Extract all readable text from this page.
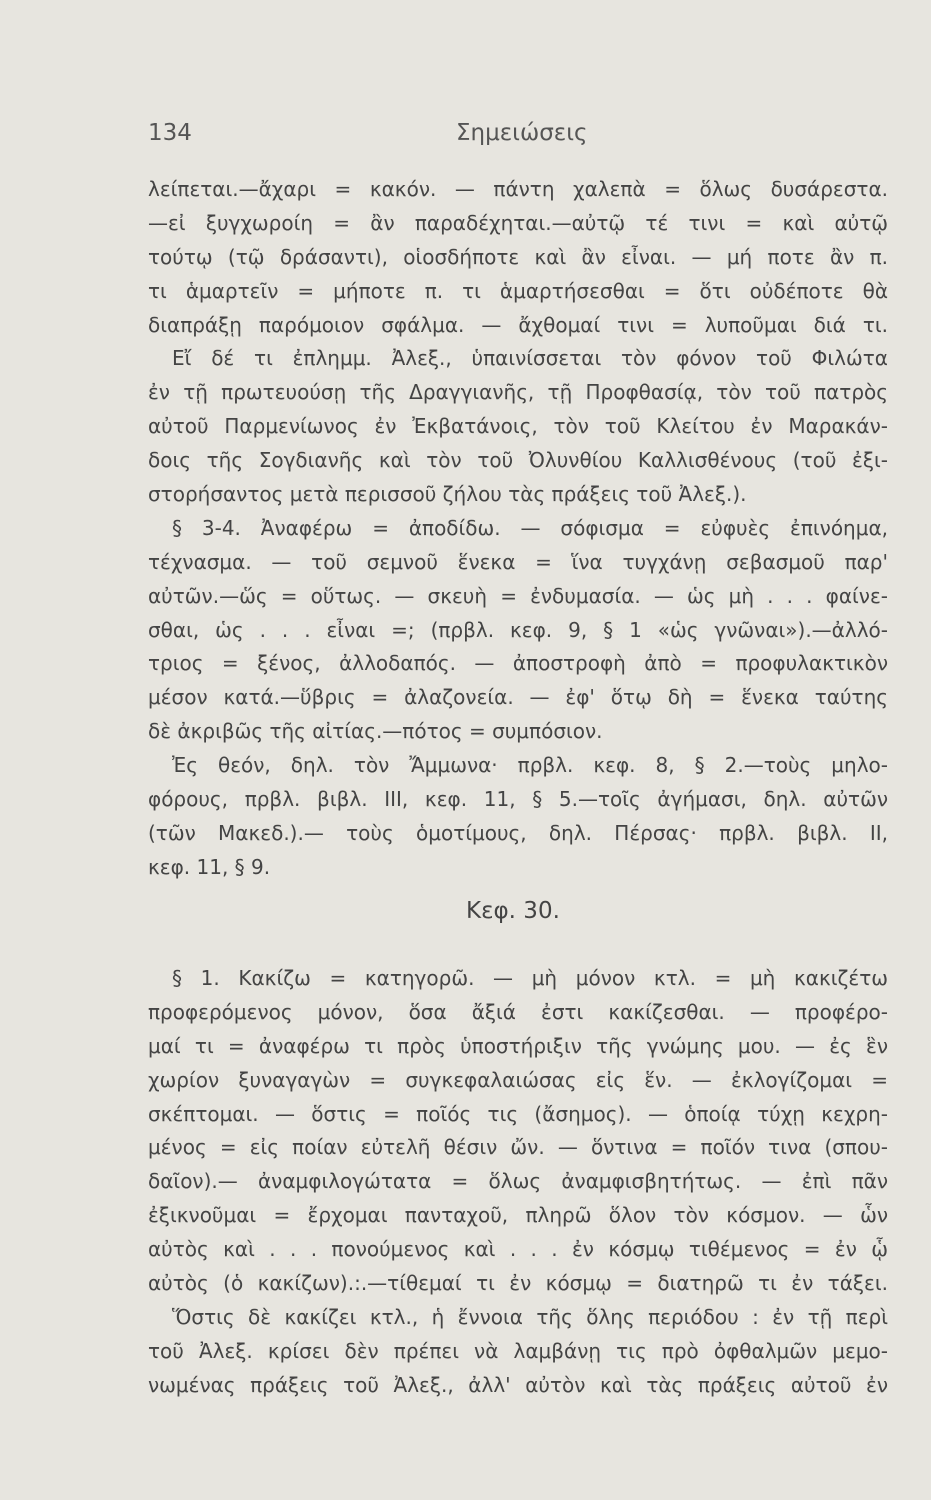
134	Σημειώσεις
λείπεται.—ἄχαρι = κακόν. — πάντη χαλεπὰ = ὅλως δυσάρεστα.
—εἰ ξυγχωροίη = ἂν παραδέχηται.—αὐτῷ τέ τινι = καὶ αὐτῷ
τούτῳ (τῷ δράσαντι), οἱοσδήποτε καὶ ἂν εἶναι. — μή ποτε ἂν π.
τι ἁμαρτεῖν = μήποτε π. τι ἁμαρτήσεσθαι = ὅτι οὐδέποτε θὰ
διαπράξῃ παρόμοιον σφάλμα. — ἄχθομαί τινι = λυποῦμαι διά τι.
Εἴ δέ τι ἐπλημμ. Ἀλεξ., ὑπαινίσσεται τὸν φόνον τοῦ Φιλώτα
ἐν τῇ πρωτευούσῃ τῆς Δραγγιανῆς, τῇ Προφθασίᾳ, τὸν τοῦ πατρὸς
αὐτοῦ Παρμενίωνος ἐν Ἐκβατάνοις, τὸν τοῦ Κλείτου ἐν Μαρακάν-
δοις τῆς Σογδιανῆς καὶ τὸν τοῦ Ὀλυνθίου Καλλισθένους (τοῦ ἐξι-
στορήσαντος μετὰ περισσοῦ ζήλου τὰς πράξεις τοῦ Ἀλεξ.).
§ 3-4. Ἀναφέρω = ἀποδίδω. — σόφισμα = εὐφυὲς ἐπινόημα,
τέχνασμα. — τοῦ σεμνοῦ ἕνεκα = ἵνα τυγχάνῃ σεβασμοῦ παρ'
αὐτῶν.—ὥς = οὕτως. — σκευὴ = ἐνδυμασία. — ὡς μὴ . . . φαίνε-
σθαι, ὡς . . . εἶναι =; (πρβλ. κεφ. 9, § 1 «ὡς γνῶναι»).—ἀλλό-
τριος = ξένος, ἀλλοδαπός. — ἀποστροφὴ ἀπὸ = προφυλακτικὸν
μέσον κατά.—ὕβρις = ἀλαζονεία. — ἐφ' ὅτῳ δὴ = ἕνεκα ταύτης
δὲ ἀκριβῶς τῆς αἰτίας.—πότος = συμπόσιον.
Ἐς θεόν, δηλ. τὸν Ἄμμωνα· πρβλ. κεφ. 8, § 2.—τοὺς μηλο-
φόρους, πρβλ. βιβλ. III, κεφ. 11, § 5.—τοῖς ἀγήμασι, δηλ. αὐτῶν
(τῶν Μακεδ.).— τοὺς ὁμοτίμους, δηλ. Πέρσας· πρβλ. βιβλ. II,
κεφ. 11, § 9.
Κεφ. 30.
§ 1. Κακίζω = κατηγορῶ. — μὴ μόνον κτλ. = μὴ κακιζέτω
προφερόμενος μόνον, ὅσα ἄξιά ἐστι κακίζεσθαι. — προφέρο-
μαί τι = ἀναφέρω τι πρὸς ὑποστήριξιν τῆς γνώμης μου. — ἐς ἓν
χωρίον ξυναγαγὼν = συγκεφαλαιώσας εἰς ἕν. — ἐκλογίζομαι =
σκέπτομαι. — ὅστις = ποῖός τις (ἄσημος). — ὁποίᾳ τύχῃ κεχρη-
μένος = εἰς ποίαν εὐτελῆ θέσιν ὤν. — ὅντινα = ποῖόν τινα (σπου-
δαῖον).— ἀναμφιλογώτατα = ὅλως ἀναμφισβητήτως. — ἐπὶ πᾶν
ἐξικνοῦμαι = ἔρχομαι πανταχοῦ, πληρῶ ὅλον τὸν κόσμον. — ὧν
αὐτὸς καὶ . . . πονούμενος καὶ . . . ἐν κόσμῳ τιθέμενος = ἐν ᾧ
αὐτὸς (ὁ κακίζων).:.—τίθεμαί τι ἐν κόσμῳ = διατηρῶ τι ἐν τάξει.
Ὅστις δὲ κακίζει κτλ., ἡ ἔννοια τῆς ὅλης περιόδου : ἐν τῇ περὶ
τοῦ Ἀλεξ. κρίσει δὲν πρέπει νὰ λαμβάνῃ τις πρὸ ὀφθαλμῶν μεμο-
νωμένας πράξεις τοῦ Ἀλεξ., ἀλλ' αὐτὸν καὶ τὰς πράξεις αὐτοῦ ἐν
